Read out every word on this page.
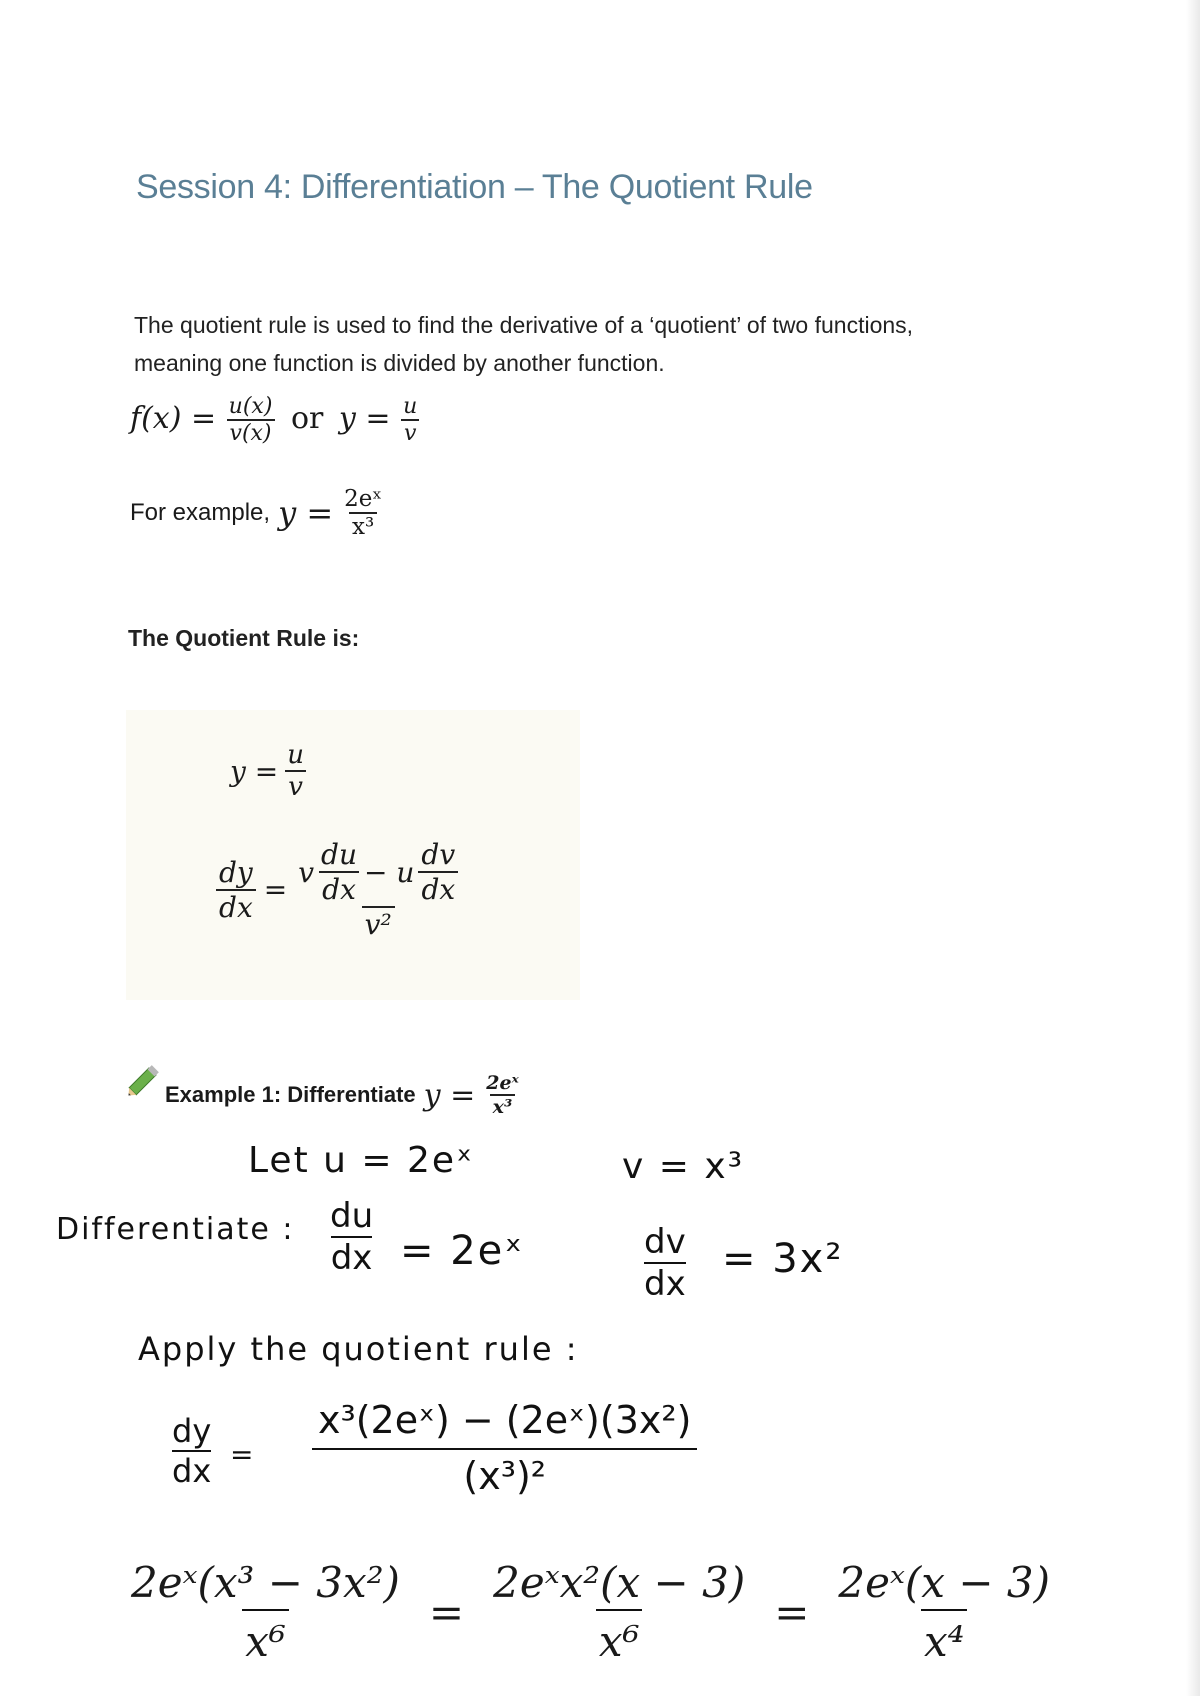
Session 4: Differentiation – The Quotient Rule
The quotient rule is used to find the derivative of a ‘quotient’ of two functions, meaning one function is divided by another function.
$f(x) = \frac{u(x)}{v(x)}$ or $y = \frac{u}{v}$
For example, $y = \frac{\text{2eˣ}}{\text{x³}}$
The Quotient Rule is:
$y = \frac{u}{v}$
$\frac{dy}{dx}$ =
v $\frac{du}{dx} - u \frac{dv}{dx}$
v²
Example 1: Differentiate $y = \frac{\text{2eˣ}}{\text{x³}}$
Let u = 2eˣ	v = x³
Differentiate : du
dx = 2eˣ	dv
dx
= 3x²
Apply the quotient rule :
dy
dx = $\frac{\text{x³(2eˣ) − (2eˣ)(3x²)}}{\text{(x³)²}}$
$\frac{\text{2eˣ(x³ − 3x²)}}{\text{x⁶}} = \frac{\text{2eˣx²(x − 3)}}{\text{x⁶}} = \frac{\text{2eˣ(x − 3)}}{\text{x⁴}}$
